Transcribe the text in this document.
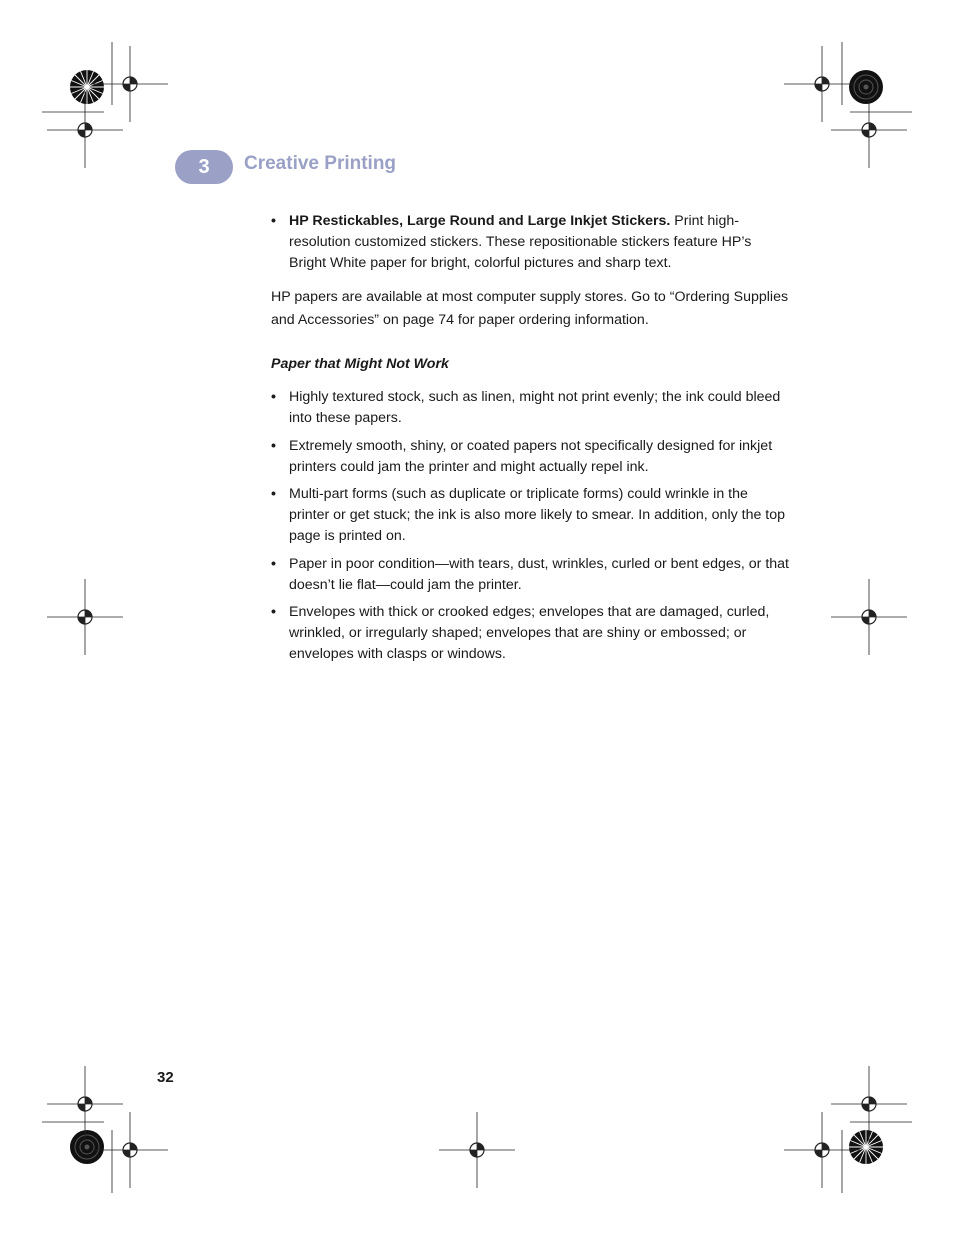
3	Creative Printing
• HP Restickables, Large Round and Large Inkjet Stickers. Print high-resolution customized stickers. These repositionable stickers feature HP’s Bright White paper for bright, colorful pictures and sharp text.

HP papers are available at most computer supply stores. Go to “Ordering Supplies and Accessories” on page 74 for paper ordering information.

Paper that Might Not Work

• Highly textured stock, such as linen, might not print evenly; the ink could bleed into these papers.
• Extremely smooth, shiny, or coated papers not specifically designed for inkjet printers could jam the printer and might actually repel ink.
• Multi-part forms (such as duplicate or triplicate forms) could wrinkle in the printer or get stuck; the ink is also more likely to smear. In addition, only the top page is printed on.
• Paper in poor condition—with tears, dust, wrinkles, curled or bent edges, or that doesn’t lie flat—could jam the printer.
• Envelopes with thick or crooked edges; envelopes that are damaged, curled, wrinkled, or irregularly shaped; envelopes that are shiny or embossed; or envelopes with clasps or windows.
32
